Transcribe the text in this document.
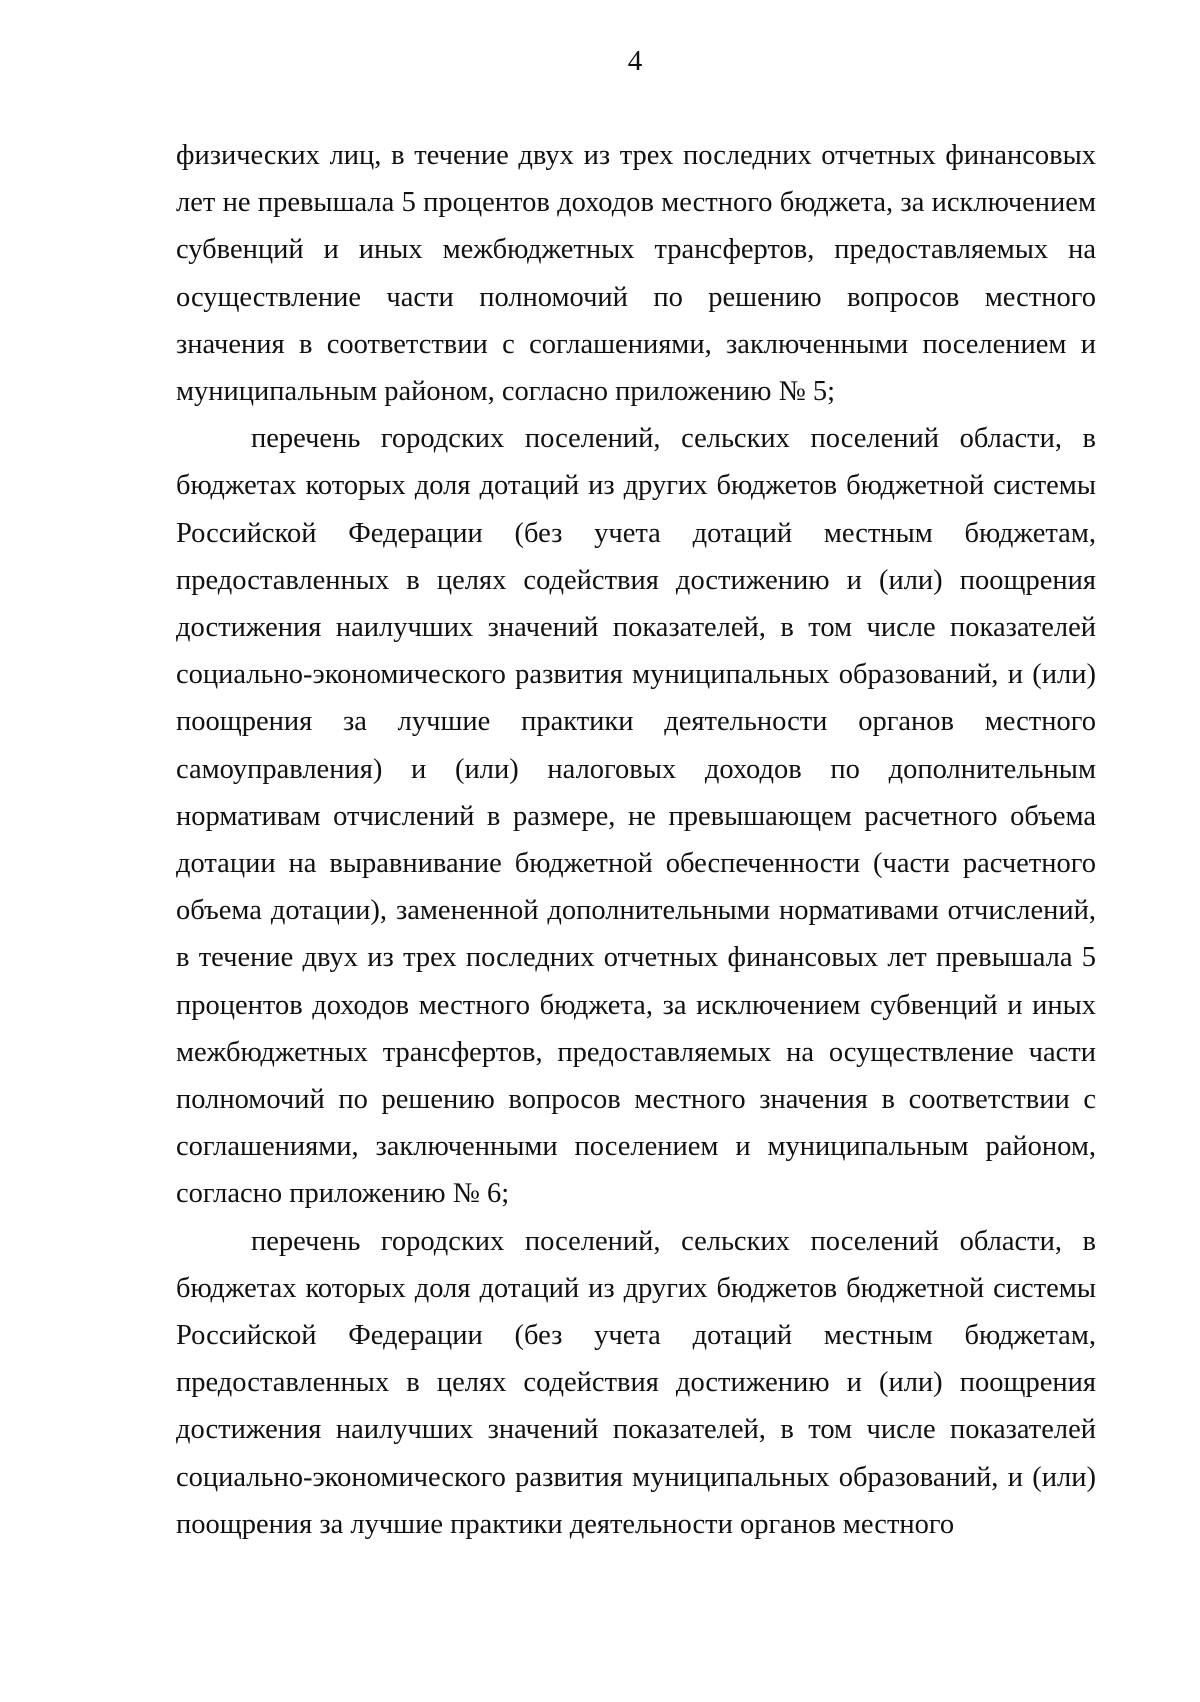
4

физических лиц, в течение двух из трех последних отчетных финансовых лет не превышала 5 процентов доходов местного бюджета, за исключением субвенций и иных межбюджетных трансфертов, предоставляемых на осуществление части полномочий по решению вопросов местного значения в соответствии с соглашениями, заключенными поселением и муниципальным районом, согласно приложению № 5;

перечень городских поселений, сельских поселений области, в бюджетах которых доля дотаций из других бюджетов бюджетной системы Российской Федерации (без учета дотаций местным бюджетам, предоставленных в целях содействия достижению и (или) поощрения достижения наилучших значений показателей, в том числе показателей социально-экономического развития муниципальных образований, и (или) поощрения за лучшие практики деятельности органов местного самоуправления) и (или) налоговых доходов по дополнительным нормативам отчислений в размере, не превышающем расчетного объема дотации на выравнивание бюджетной обеспеченности (части расчетного объема дотации), замененной дополнительными нормативами отчислений, в течение двух из трех последних отчетных финансовых лет превышала 5 процентов доходов местного бюджета, за исключением субвенций и иных межбюджетных трансфертов, предоставляемых на осуществление части полномочий по решению вопросов местного значения в соответствии с соглашениями, заключенными поселением и муниципальным районом, согласно приложению № 6;

перечень городских поселений, сельских поселений области, в бюджетах которых доля дотаций из других бюджетов бюджетной системы Российской Федерации (без учета дотаций местным бюджетам, предоставленных в целях содействия достижению и (или) поощрения достижения наилучших значений показателей, в том числе показателей социально-экономического развития муниципальных образований, и (или) поощрения за лучшие практики деятельности органов местного
